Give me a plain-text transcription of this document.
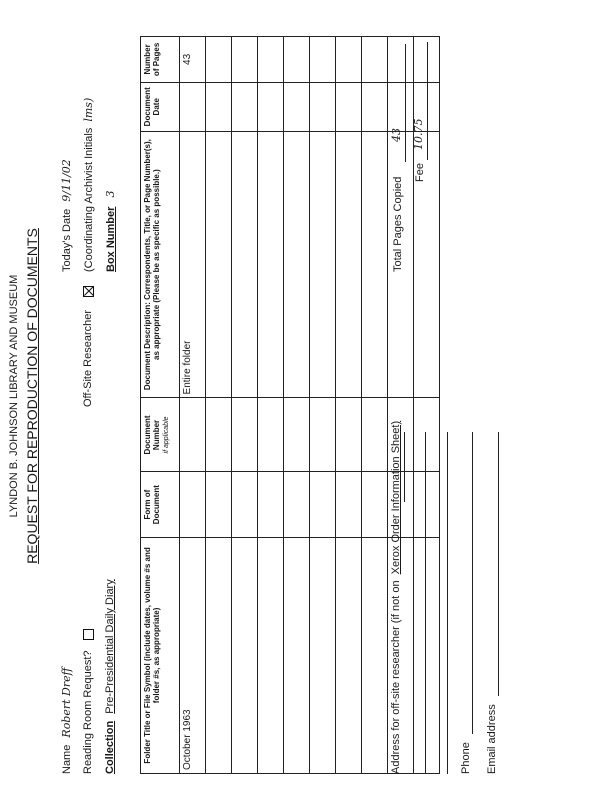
LYNDON B. JOHNSON LIBRARY AND MUSEUM REQUEST FOR REPRODUCTION OF DOCUMENTS
Name Robert Dreff
Today's Date 9/11/02
Reading Room Request?
Off-Site Researcher
(Coordinating Archivist Initials lms)
Collection Pre-Presidential Daily Diary
Box Number 3
Folder Title or File Symbol (include dates, volume #s and folder #s, as appropriate)	Form of Document	Document Number if applicable	Document Description: Correspondents, Title, or Page Number(s), as appropriate (Please be as specific as possible.)	Document Date	Number of Pages
October 1963			Entire folder		43

Address for off-site researcher (if not on Xerox Order Information Sheet)
Phone Email address
Total Pages Copied
43
Fee
10.75
